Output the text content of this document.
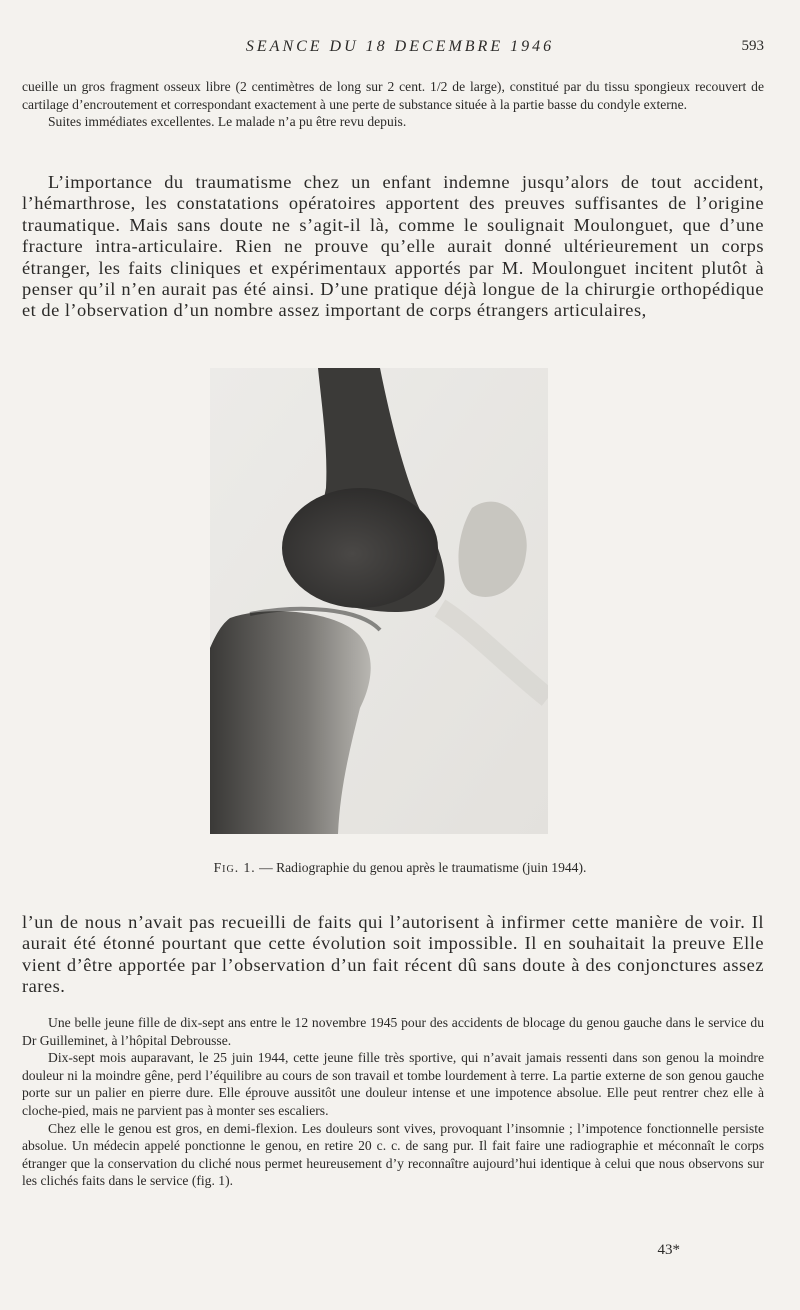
SEANCE DU 18 DECEMBRE 1946	593

cueille un gros fragment osseux libre (2 centimètres de long sur 2 cent. 1/2 de large), constitué par du tissu spongieux recouvert de cartilage d’encroutement et correspondant exactement à une perte de substance située à la partie basse du condyle externe.

Suites immédiates excellentes. Le malade n’a pu être revu depuis.

L’importance du traumatisme chez un enfant indemne jusqu’alors de tout accident, l’hémarthrose, les constatations opératoires apportent des preuves suffisantes de l’origine traumatique. Mais sans doute ne s’agit-il là, comme le soulignait Moulonguet, que d’une fracture intra-articulaire. Rien ne prouve qu’elle aurait donné ultérieurement un corps étranger, les faits cliniques et expérimentaux apportés par M. Moulonguet incitent plutôt à penser qu’il n’en aurait pas été ainsi. D’une pratique déjà longue de la chirurgie orthopédique et de l’observation d’un nombre assez important de corps étrangers articulaires,

Fig. 1. — Radiographie du genou après le traumatisme (juin 1944).

l’un de nous n’avait pas recueilli de faits qui l’autorisent à infirmer cette manière de voir. Il aurait été étonné pourtant que cette évolution soit impossible. Il en souhaitait la preuve Elle vient d’être apportée par l’observation d’un fait récent dû sans doute à des conjonctures assez rares.

Une belle jeune fille de dix-sept ans entre le 12 novembre 1945 pour des accidents de blocage du genou gauche dans le service du Dr Guilleminet, à l’hôpital Debrousse.

Dix-sept mois auparavant, le 25 juin 1944, cette jeune fille très sportive, qui n’avait jamais ressenti dans son genou la moindre douleur ni la moindre gêne, perd l’équilibre au cours de son travail et tombe lourdement à terre. La partie externe de son genou gauche porte sur un palier en pierre dure. Elle éprouve aussitôt une douleur intense et une impotence absolue. Elle peut rentrer chez elle à cloche-pied, mais ne parvient pas à monter ses escaliers.

Chez elle le genou est gros, en demi-flexion. Les douleurs sont vives, provoquant l’insomnie ; l’impotence fonctionnelle persiste absolue. Un médecin appelé ponctionne le genou, en retire 20 c. c. de sang pur. Il fait faire une radiographie et méconnaît le corps étranger que la conservation du cliché nous permet heureusement d’y reconnaître aujourd’hui identique à celui que nous observons sur les clichés faits dans le service (fig. 1).

43*
